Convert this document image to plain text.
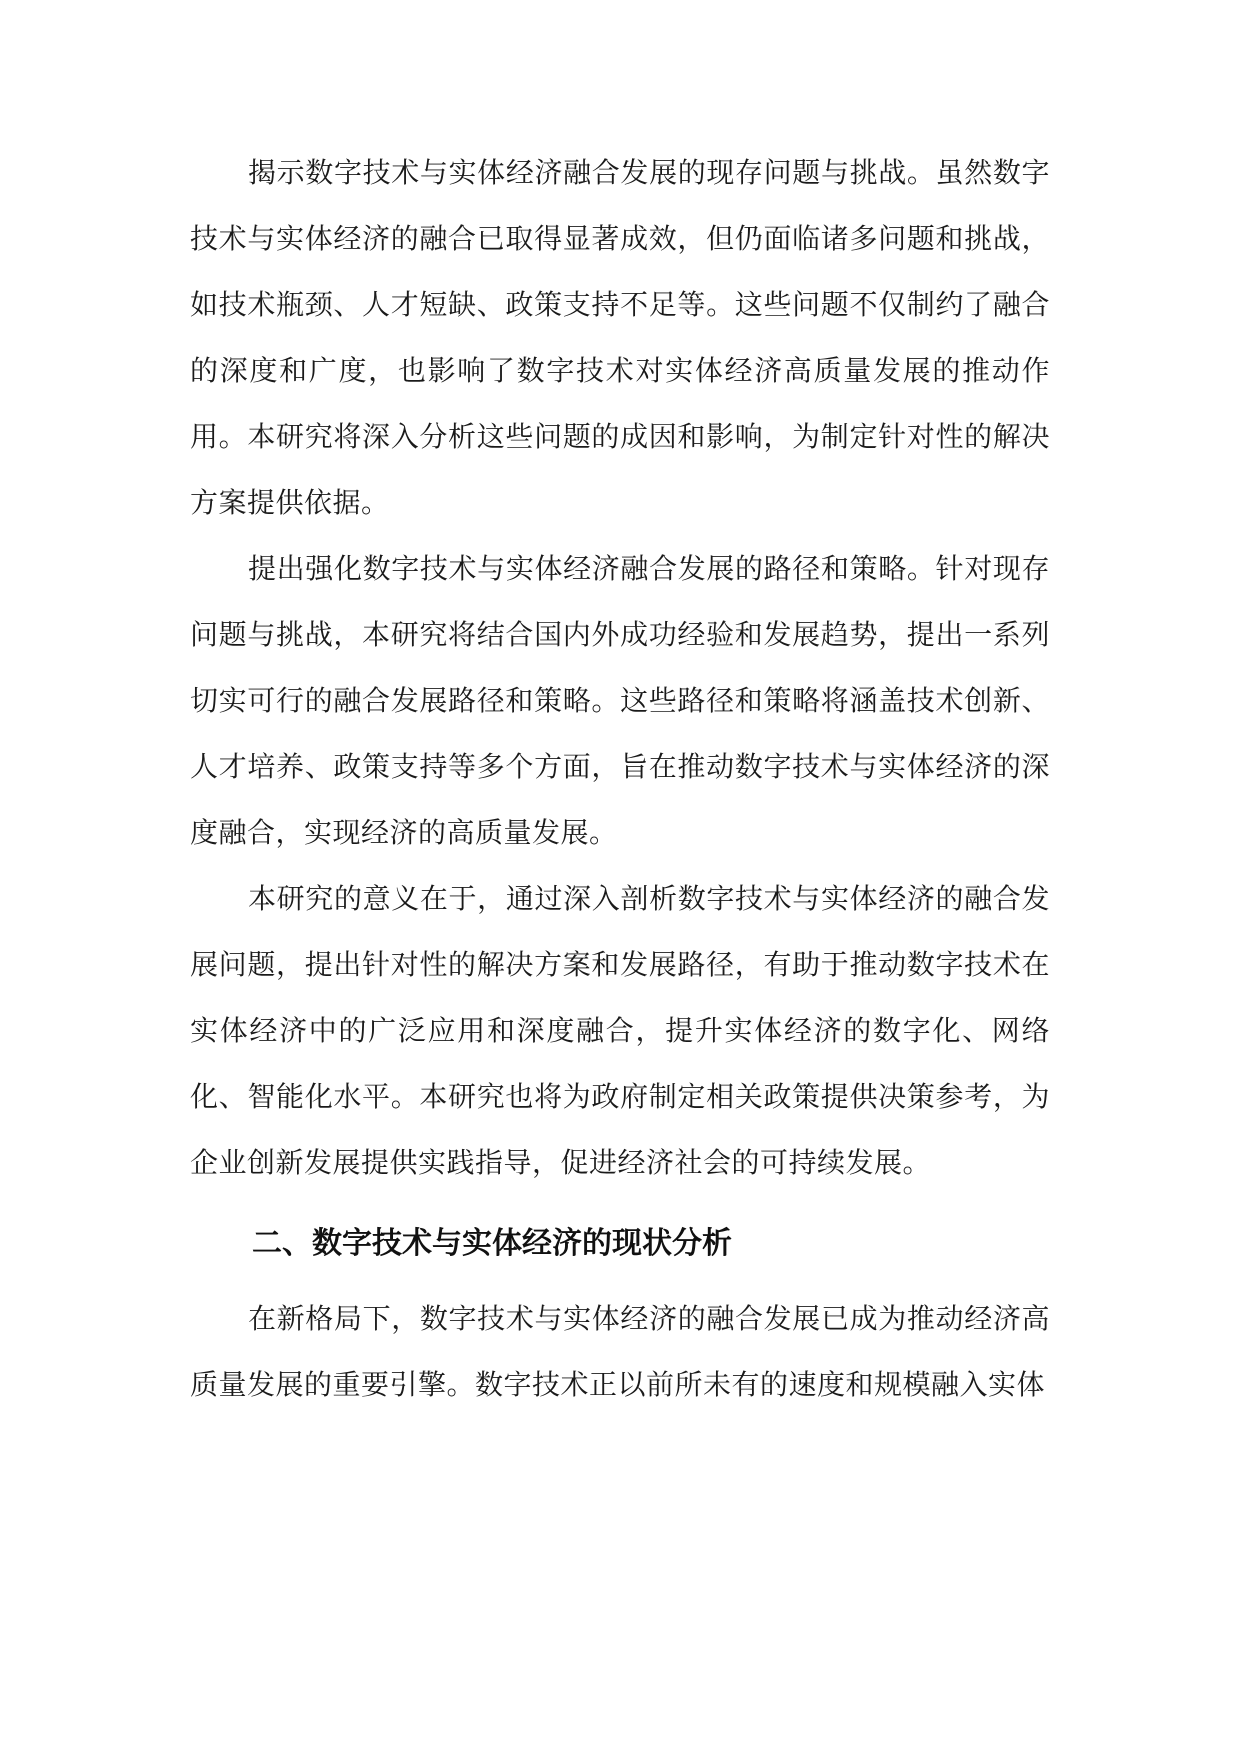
揭示数字技术与实体经济融合发展的现存问题与挑战。虽然数字技术与实体经济的融合已取得显著成效，但仍面临诸多问题和挑战，如技术瓶颈、人才短缺、政策支持不足等。这些问题不仅制约了融合的深度和广度，也影响了数字技术对实体经济高质量发展的推动作用。本研究将深入分析这些问题的成因和影响，为制定针对性的解决方案提供依据。

提出强化数字技术与实体经济融合发展的路径和策略。针对现存问题与挑战，本研究将结合国内外成功经验和发展趋势，提出一系列切实可行的融合发展路径和策略。这些路径和策略将涵盖技术创新、人才培养、政策支持等多个方面，旨在推动数字技术与实体经济的深度融合，实现经济的高质量发展。

本研究的意义在于，通过深入剖析数字技术与实体经济的融合发展问题，提出针对性的解决方案和发展路径，有助于推动数字技术在实体经济中的广泛应用和深度融合，提升实体经济的数字化、网络化、智能化水平。本研究也将为政府制定相关政策提供决策参考，为企业创新发展提供实践指导，促进经济社会的可持续发展。

二、数字技术与实体经济的现状分析

在新格局下，数字技术与实体经济的融合发展已成为推动经济高质量发展的重要引擎。数字技术正以前所未有的速度和规模融入实体
